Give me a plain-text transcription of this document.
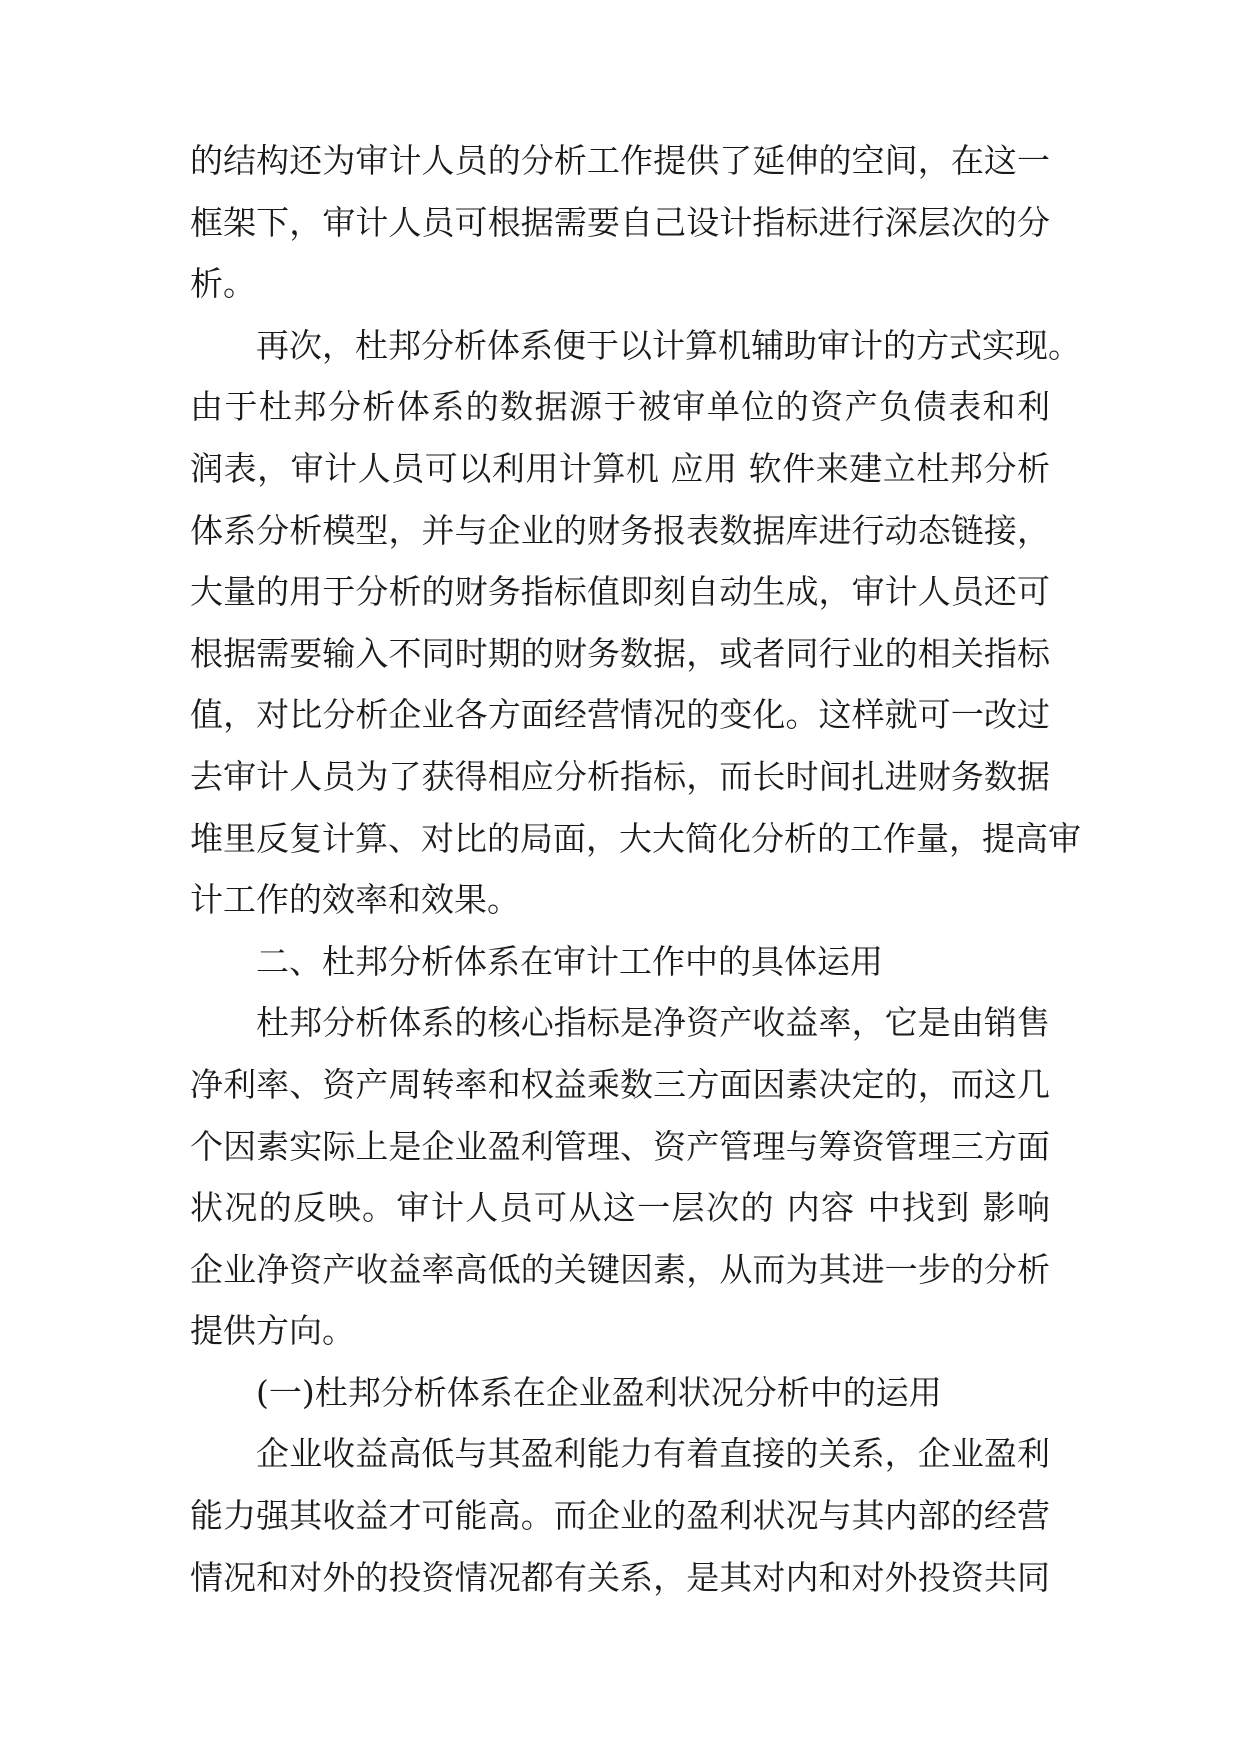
的结构还为审计人员的分析工作提供了延伸的空间，在这一
框架下，审计人员可根据需要自己设计指标进行深层次的分
析。
再次，杜邦分析体系便于以计算机辅助审计的方式实现。
由于杜邦分析体系的数据源于被审单位的资产负债表和利
润表，审计人员可以利用计算机 应用 软件来建立杜邦分析
体系分析模型，并与企业的财务报表数据库进行动态链接，
大量的用于分析的财务指标值即刻自动生成，审计人员还可
根据需要输入不同时期的财务数据，或者同行业的相关指标
值，对比分析企业各方面经营情况的变化。这样就可一改过
去审计人员为了获得相应分析指标，而长时间扎进财务数据
堆里反复计算、对比的局面，大大简化分析的工作量，提高审
计工作的效率和效果。
二、杜邦分析体系在审计工作中的具体运用
杜邦分析体系的核心指标是净资产收益率，它是由销售
净利率、资产周转率和权益乘数三方面因素决定的，而这几
个因素实际上是企业盈利管理、资产管理与筹资管理三方面
状况的反映。审计人员可从这一层次的 内容 中找到 影响
企业净资产收益率高低的关键因素，从而为其进一步的分析
提供方向。
(一)杜邦分析体系在企业盈利状况分析中的运用
企业收益高低与其盈利能力有着直接的关系，企业盈利
能力强其收益才可能高。而企业的盈利状况与其内部的经营
情况和对外的投资情况都有关系，是其对内和对外投资共同
